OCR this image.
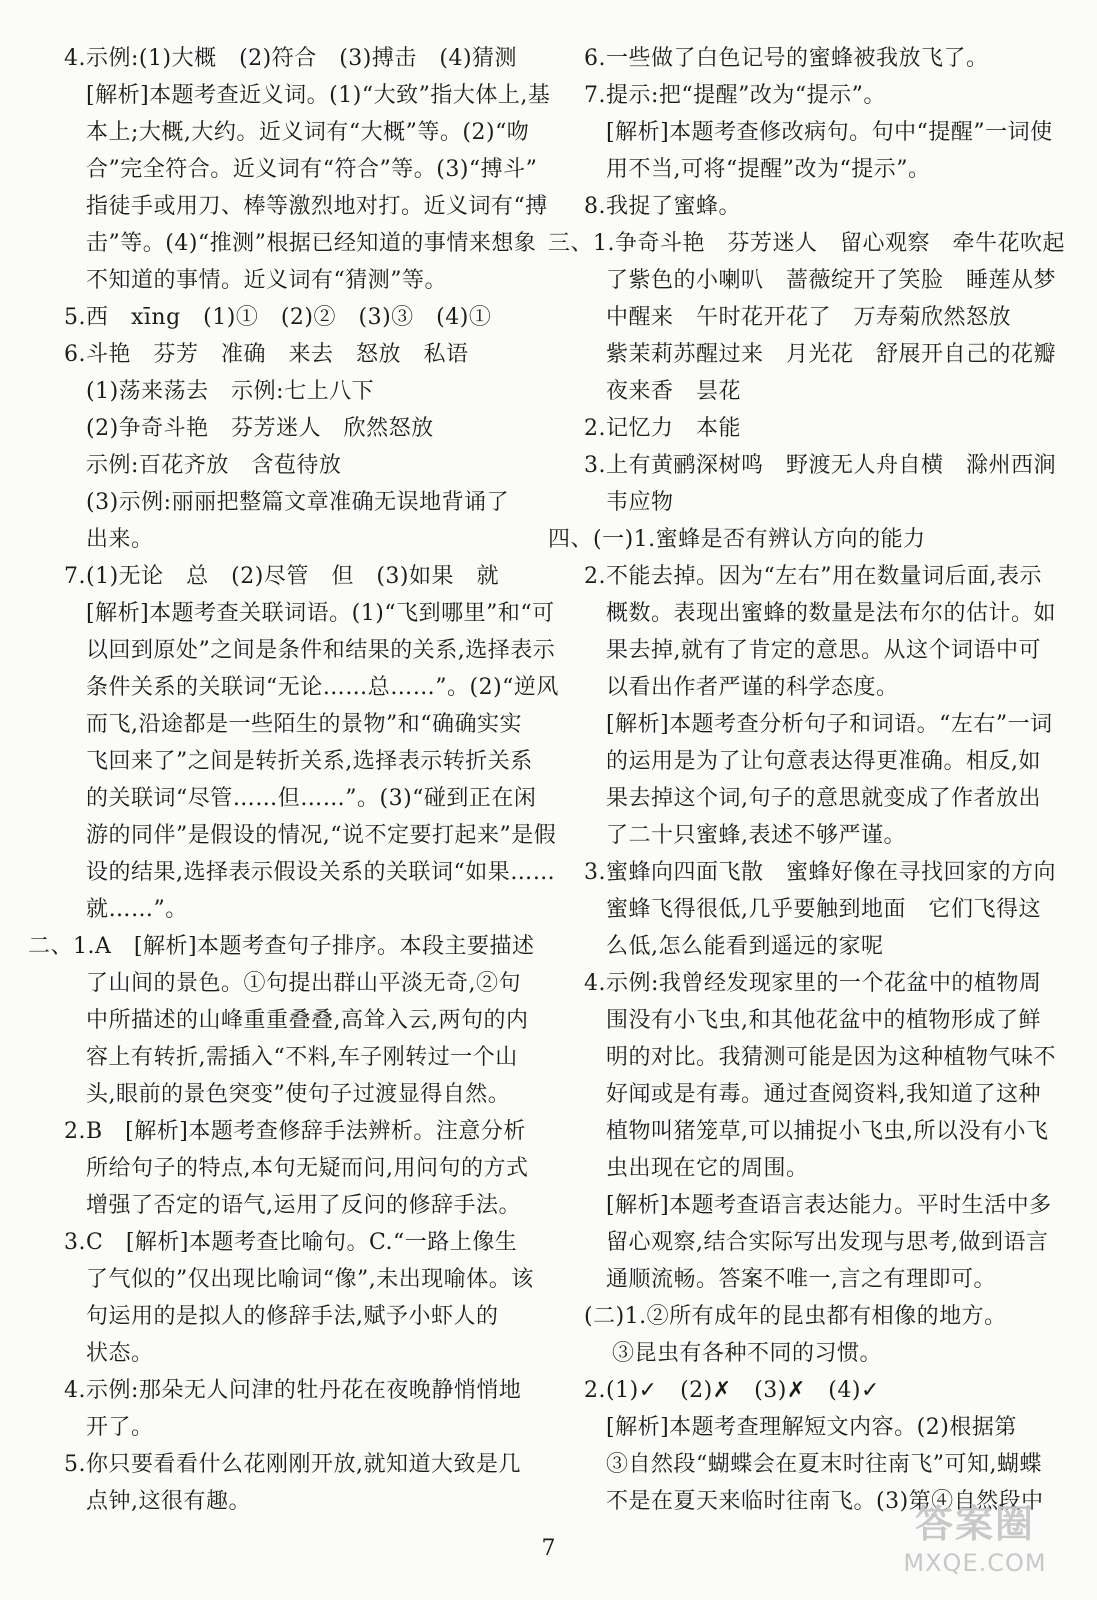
4.示例:(1)大概　(2)符合　(3)搏击　(4)猜测
[解析]本题考查近义词。(1)“大致”指大体上,基
本上;大概,大约。近义词有“大概”等。(2)“吻
合”完全符合。近义词有“符合”等。(3)“搏斗”
指徒手或用刀、棒等激烈地对打。近义词有“搏
击”等。(4)“推测”根据已经知道的事情来想象
不知道的事情。近义词有“猜测”等。
5.西　xīng　(1)①　(2)②　(3)③　(4)①
6.斗艳　芬芳　准确　来去　怒放　私语
(1)荡来荡去　示例:七上八下
(2)争奇斗艳　芬芳迷人　欣然怒放
示例:百花齐放　含苞待放
(3)示例:丽丽把整篇文章准确无误地背诵了
出来。
7.(1)无论　总　(2)尽管　但　(3)如果　就
[解析]本题考查关联词语。(1)“飞到哪里”和“可
以回到原处”之间是条件和结果的关系,选择表示
条件关系的关联词“无论……总……”。(2)“逆风
而飞,沿途都是一些陌生的景物”和“确确实实
飞回来了”之间是转折关系,选择表示转折关系
的关联词“尽管……但……”。(3)“碰到正在闲
游的同伴”是假设的情况,“说不定要打起来”是假
设的结果,选择表示假设关系的关联词“如果……
就……”。
二、1.A　[解析]本题考查句子排序。本段主要描述
了山间的景色。①句提出群山平淡无奇,②句
中所描述的山峰重重叠叠,高耸入云,两句的内
容上有转折,需插入“不料,车子刚转过一个山
头,眼前的景色突变”使句子过渡显得自然。
2.B　[解析]本题考查修辞手法辨析。注意分析
所给句子的特点,本句无疑而问,用问句的方式
增强了否定的语气,运用了反问的修辞手法。
3.C　[解析]本题考查比喻句。C.“一路上像生
了气似的”仅出现比喻词“像”,未出现喻体。该
句运用的是拟人的修辞手法,赋予小虾人的
状态。
4.示例:那朵无人问津的牡丹花在夜晚静悄悄地
开了。
5.你只要看看什么花刚刚开放,就知道大致是几
点钟,这很有趣。
6.一些做了白色记号的蜜蜂被我放飞了。
7.提示:把“提醒”改为“提示”。
[解析]本题考查修改病句。句中“提醒”一词使
用不当,可将“提醒”改为“提示”。
8.我捉了蜜蜂。
三、1.争奇斗艳　芬芳迷人　留心观察　牵牛花吹起
了紫色的小喇叭　蔷薇绽开了笑脸　睡莲从梦
中醒来　午时花开花了　万寿菊欣然怒放
紫茉莉苏醒过来　月光花　舒展开自己的花瓣
夜来香　昙花
2.记忆力　本能
3.上有黄鹂深树鸣　野渡无人舟自横　滁州西涧
韦应物
四、(一)1.蜜蜂是否有辨认方向的能力
2.不能去掉。因为“左右”用在数量词后面,表示
概数。表现出蜜蜂的数量是法布尔的估计。如
果去掉,就有了肯定的意思。从这个词语中可
以看出作者严谨的科学态度。
[解析]本题考查分析句子和词语。“左右”一词
的运用是为了让句意表达得更准确。相反,如
果去掉这个词,句子的意思就变成了作者放出
了二十只蜜蜂,表述不够严谨。
3.蜜蜂向四面飞散　蜜蜂好像在寻找回家的方向
蜜蜂飞得很低,几乎要触到地面　它们飞得这
么低,怎么能看到遥远的家呢
4.示例:我曾经发现家里的一个花盆中的植物周
围没有小飞虫,和其他花盆中的植物形成了鲜
明的对比。我猜测可能是因为这种植物气味不
好闻或是有毒。通过查阅资料,我知道了这种
植物叫猪笼草,可以捕捉小飞虫,所以没有小飞
虫出现在它的周围。
[解析]本题考查语言表达能力。平时生活中多
留心观察,结合实际写出发现与思考,做到语言
通顺流畅。答案不唯一,言之有理即可。
(二)1.②所有成年的昆虫都有相像的地方。
③昆虫有各种不同的习惯。
2.(1)✓　(2)✗　(3)✗　(4)✓
[解析]本题考查理解短文内容。(2)根据第
③自然段“蝴蝶会在夏末时往南飞”可知,蝴蝶
不是在夏天来临时往南飞。(3)第④自然段中
7
答案圈
MXQE.COM
